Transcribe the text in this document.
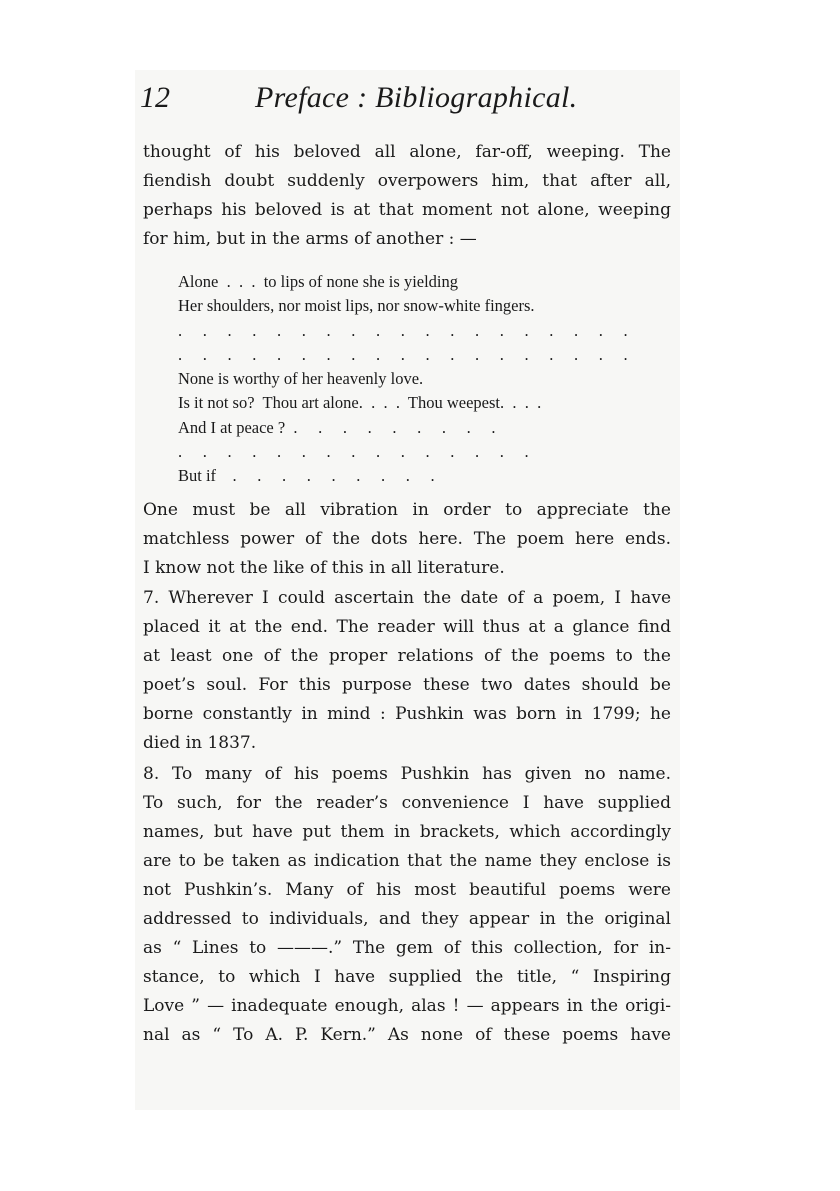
12	Preface : Bibliographical.
thought of his beloved all alone, far-off, weeping. The
fiendish doubt suddenly overpowers him, that after all,
perhaps his beloved is at that moment not alone, weeping
for him, but in the arms of another : —
Alone  .  .  .  to lips of none she is yielding
Her shoulders, nor moist lips, nor snow-white fingers.
.     .     .     .     .     .     .     .     .     .     .     .     .     .     .     .     .     .     .
.     .     .     .     .     .     .     .     .     .     .     .     .     .     .     .     .     .     .
None is worthy of her heavenly love.
Is it not so?  Thou art alone.  .  .  .  Thou weepest.  .  .  .
And I at peace ?  .     .     .     .     .     .     .     .     .
.     .     .     .     .     .     .     .     .     .     .     .     .     .     .
But if    .     .     .     .     .     .     .     .     .
One must be all vibration in order to appreciate the
matchless power of the dots here. The poem here ends.
I know not the like of this in all literature.
7. Wherever I could ascertain the date of a poem, I have
placed it at the end. The reader will thus at a glance find
at least one of the proper relations of the poems to the
poet’s soul. For this purpose these two dates should be
borne constantly in mind : Pushkin was born in 1799; he
died in 1837.
8. To many of his poems Pushkin has given no name.
To such, for the reader’s convenience I have supplied
names, but have put them in brackets, which accordingly
are to be taken as indication that the name they enclose is
not Pushkin’s. Many of his most beautiful poems were
addressed to individuals, and they appear in the original
as “ Lines to ———.” The gem of this collection, for in-
stance, to which I have supplied the title, “ Inspiring
Love ” — inadequate enough, alas ! — appears in the origi-
nal as “ To A. P. Kern.” As none of these poems have
